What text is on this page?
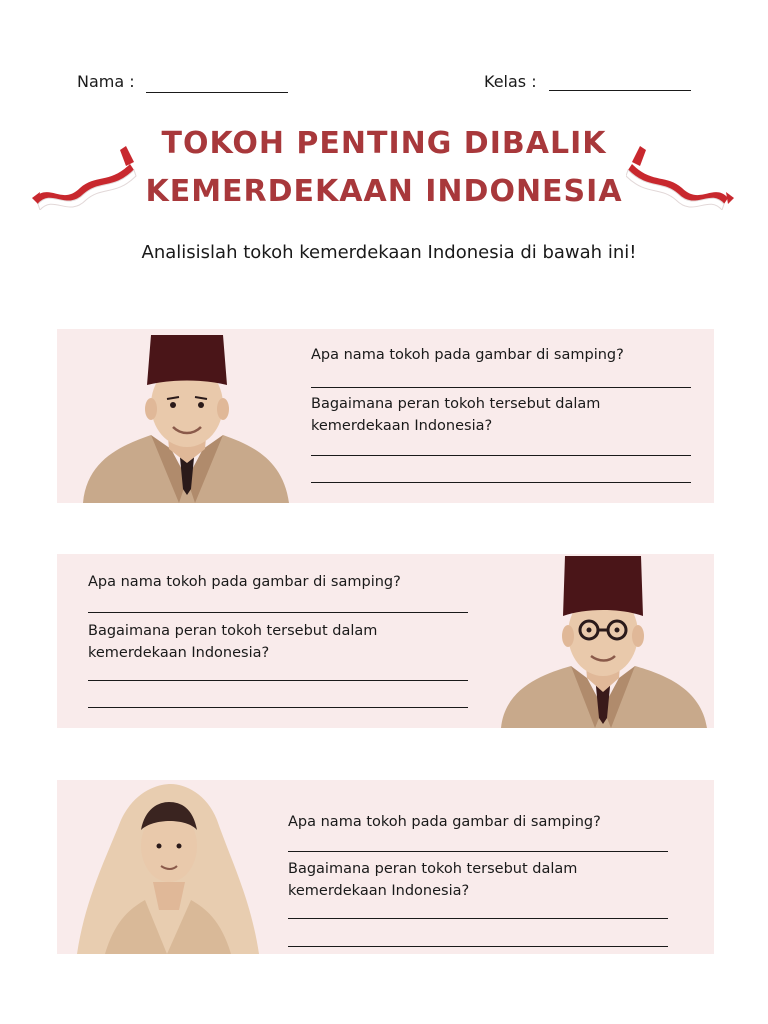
Nama :	Kelas :
TOKOH PENTING DIBALIK
KEMERDEKAAN INDONESIA
Analisislah tokoh kemerdekaan Indonesia di bawah ini!
Apa nama tokoh pada gambar di samping?
Bagaimana peran tokoh tersebut dalam
kemerdekaan Indonesia?
Apa nama tokoh pada gambar di samping?
Bagaimana peran tokoh tersebut dalam
kemerdekaan Indonesia?
Apa nama tokoh pada gambar di samping?
Bagaimana peran tokoh tersebut dalam
kemerdekaan Indonesia?
